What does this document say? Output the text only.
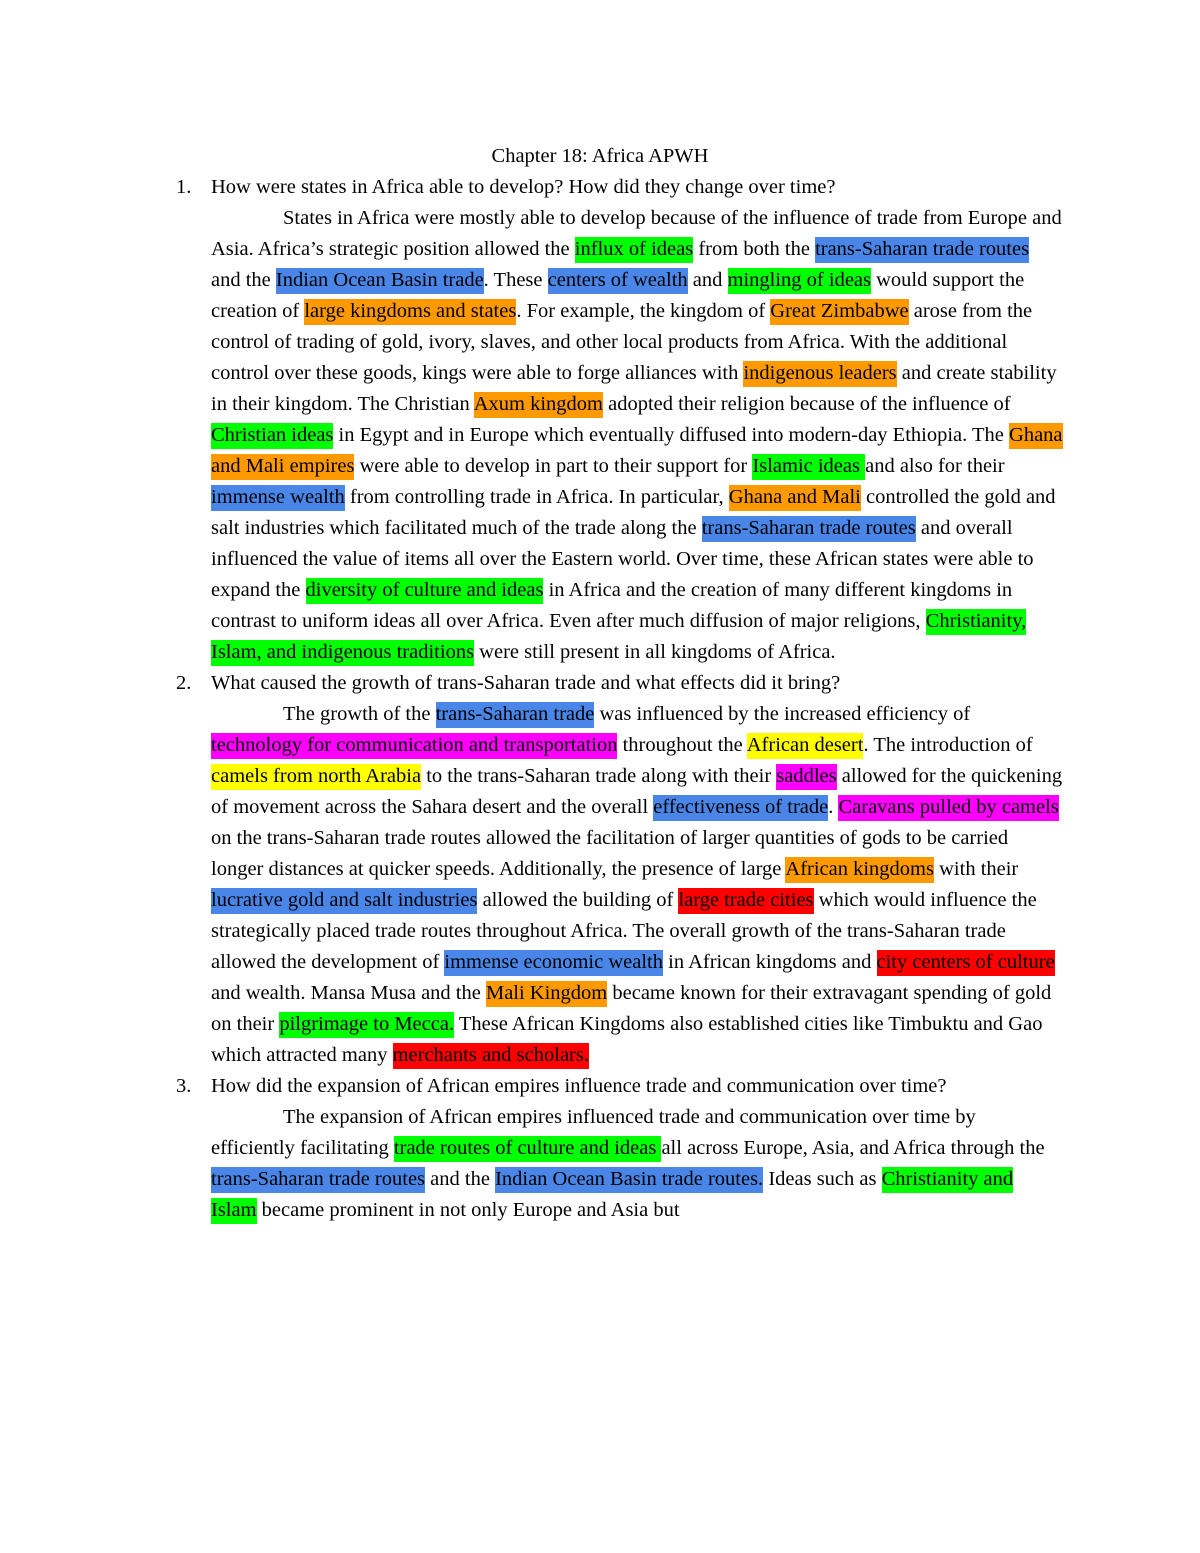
Chapter 18: Africa APWH
1. How were states in Africa able to develop? How did they change over time?
States in Africa were mostly able to develop because of the influence of trade from Europe and Asia. Africa’s strategic position allowed the influx of ideas from both the trans-Saharan trade routes and the Indian Ocean Basin trade. These centers of wealth and mingling of ideas would support the creation of large kingdoms and states. For example, the kingdom of Great Zimbabwe arose from the control of trading of gold, ivory, slaves, and other local products from Africa. With the additional control over these goods, kings were able to forge alliances with indigenous leaders and create stability in their kingdom. The Christian Axum kingdom adopted their religion because of the influence of Christian ideas in Egypt and in Europe which eventually diffused into modern-day Ethiopia. The Ghana and Mali empires were able to develop in part to their support for Islamic ideas and also for their immense wealth from controlling trade in Africa. In particular, Ghana and Mali controlled the gold and salt industries which facilitated much of the trade along the trans-Saharan trade routes and overall influenced the value of items all over the Eastern world. Over time, these African states were able to expand the diversity of culture and ideas in Africa and the creation of many different kingdoms in contrast to uniform ideas all over Africa. Even after much diffusion of major religions, Christianity, Islam, and indigenous traditions were still present in all kingdoms of Africa.
2. What caused the growth of trans-Saharan trade and what effects did it bring?
The growth of the trans-Saharan trade was influenced by the increased efficiency of technology for communication and transportation throughout the African desert. The introduction of camels from north Arabia to the trans-Saharan trade along with their saddles allowed for the quickening of movement across the Sahara desert and the overall effectiveness of trade. Caravans pulled by camels on the trans-Saharan trade routes allowed the facilitation of larger quantities of gods to be carried longer distances at quicker speeds. Additionally, the presence of large African kingdoms with their lucrative gold and salt industries allowed the building of large trade cities which would influence the strategically placed trade routes throughout Africa. The overall growth of the trans-Saharan trade allowed the development of immense economic wealth in African kingdoms and city centers of culture and wealth. Mansa Musa and the Mali Kingdom became known for their extravagant spending of gold on their pilgrimage to Mecca. These African Kingdoms also established cities like Timbuktu and Gao which attracted many merchants and scholars.
3. How did the expansion of African empires influence trade and communication over time?
The expansion of African empires influenced trade and communication over time by efficiently facilitating trade routes of culture and ideas all across Europe, Asia, and Africa through the trans-Saharan trade routes and the Indian Ocean Basin trade routes. Ideas such as Christianity and Islam became prominent in not only Europe and Asia but
